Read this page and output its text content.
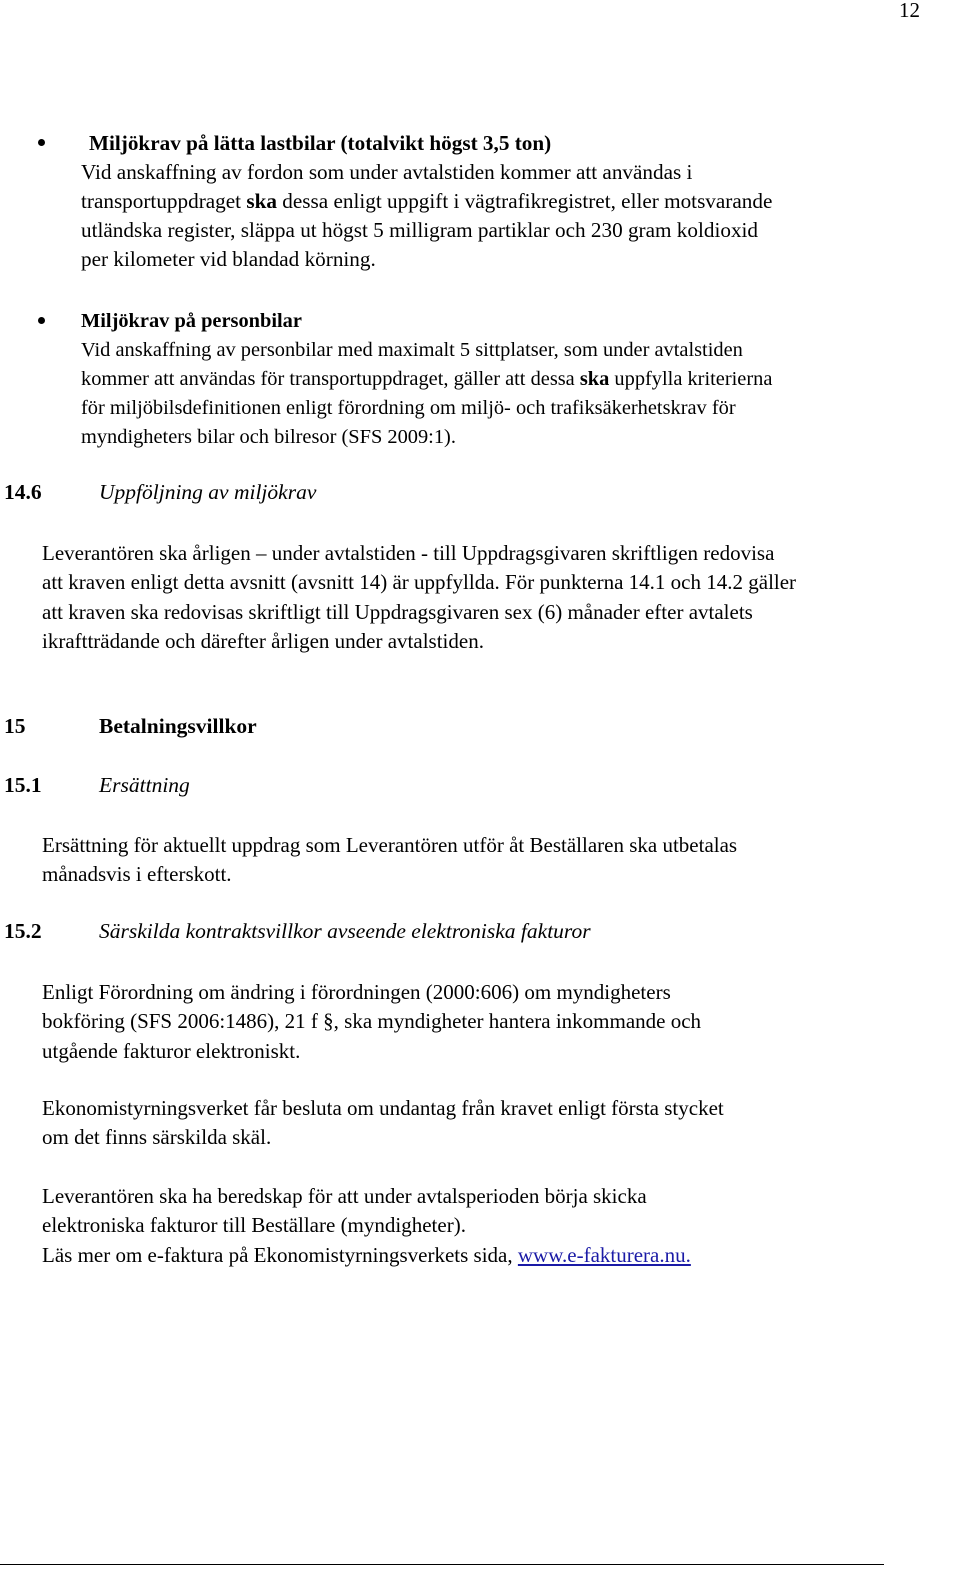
12
Miljökrav på lätta lastbilar (totalvikt högst 3,5 ton)
Vid anskaffning av fordon som under avtalstiden kommer att användas i
transportuppdraget ska dessa enligt uppgift i vägtrafikregistret, eller motsvarande
utländska register, släppa ut högst 5 milligram partiklar och 230 gram koldioxid
per kilometer vid blandad körning.
Miljökrav på personbilar
Vid anskaffning av personbilar med maximalt 5 sittplatser, som under avtalstiden
kommer att användas för transportuppdraget, gäller att dessa ska uppfylla kriterierna
för miljöbilsdefinitionen enligt förordning om miljö- och trafiksäkerhetskrav för
myndigheters bilar och bilresor (SFS 2009:1).
14.6	Uppföljning av miljökrav
Leverantören ska årligen – under avtalstiden - till Uppdragsgivaren skriftligen redovisa
att kraven enligt detta avsnitt (avsnitt 14) är uppfyllda. För punkterna 14.1 och 14.2 gäller
att kraven ska redovisas skriftligt till Uppdragsgivaren sex (6) månader efter avtalets
ikraftträdande och därefter årligen under avtalstiden.
15	Betalningsvillkor
15.1	Ersättning
Ersättning för aktuellt uppdrag som Leverantören utför åt Beställaren ska utbetalas
månadsvis i efterskott.
15.2	Särskilda kontraktsvillkor avseende elektroniska fakturor
Enligt Förordning om ändring i förordningen (2000:606) om myndigheters
bokföring (SFS 2006:1486), 21 f §, ska myndigheter hantera inkommande och
utgående fakturor elektroniskt.
Ekonomistyrningsverket får besluta om undantag från kravet enligt första stycket
om det finns särskilda skäl.
Leverantören ska ha beredskap för att under avtalsperioden börja skicka
elektroniska fakturor till Beställare (myndigheter).
Läs mer om e-faktura på Ekonomistyrningsverkets sida, www.e-fakturera.nu.
